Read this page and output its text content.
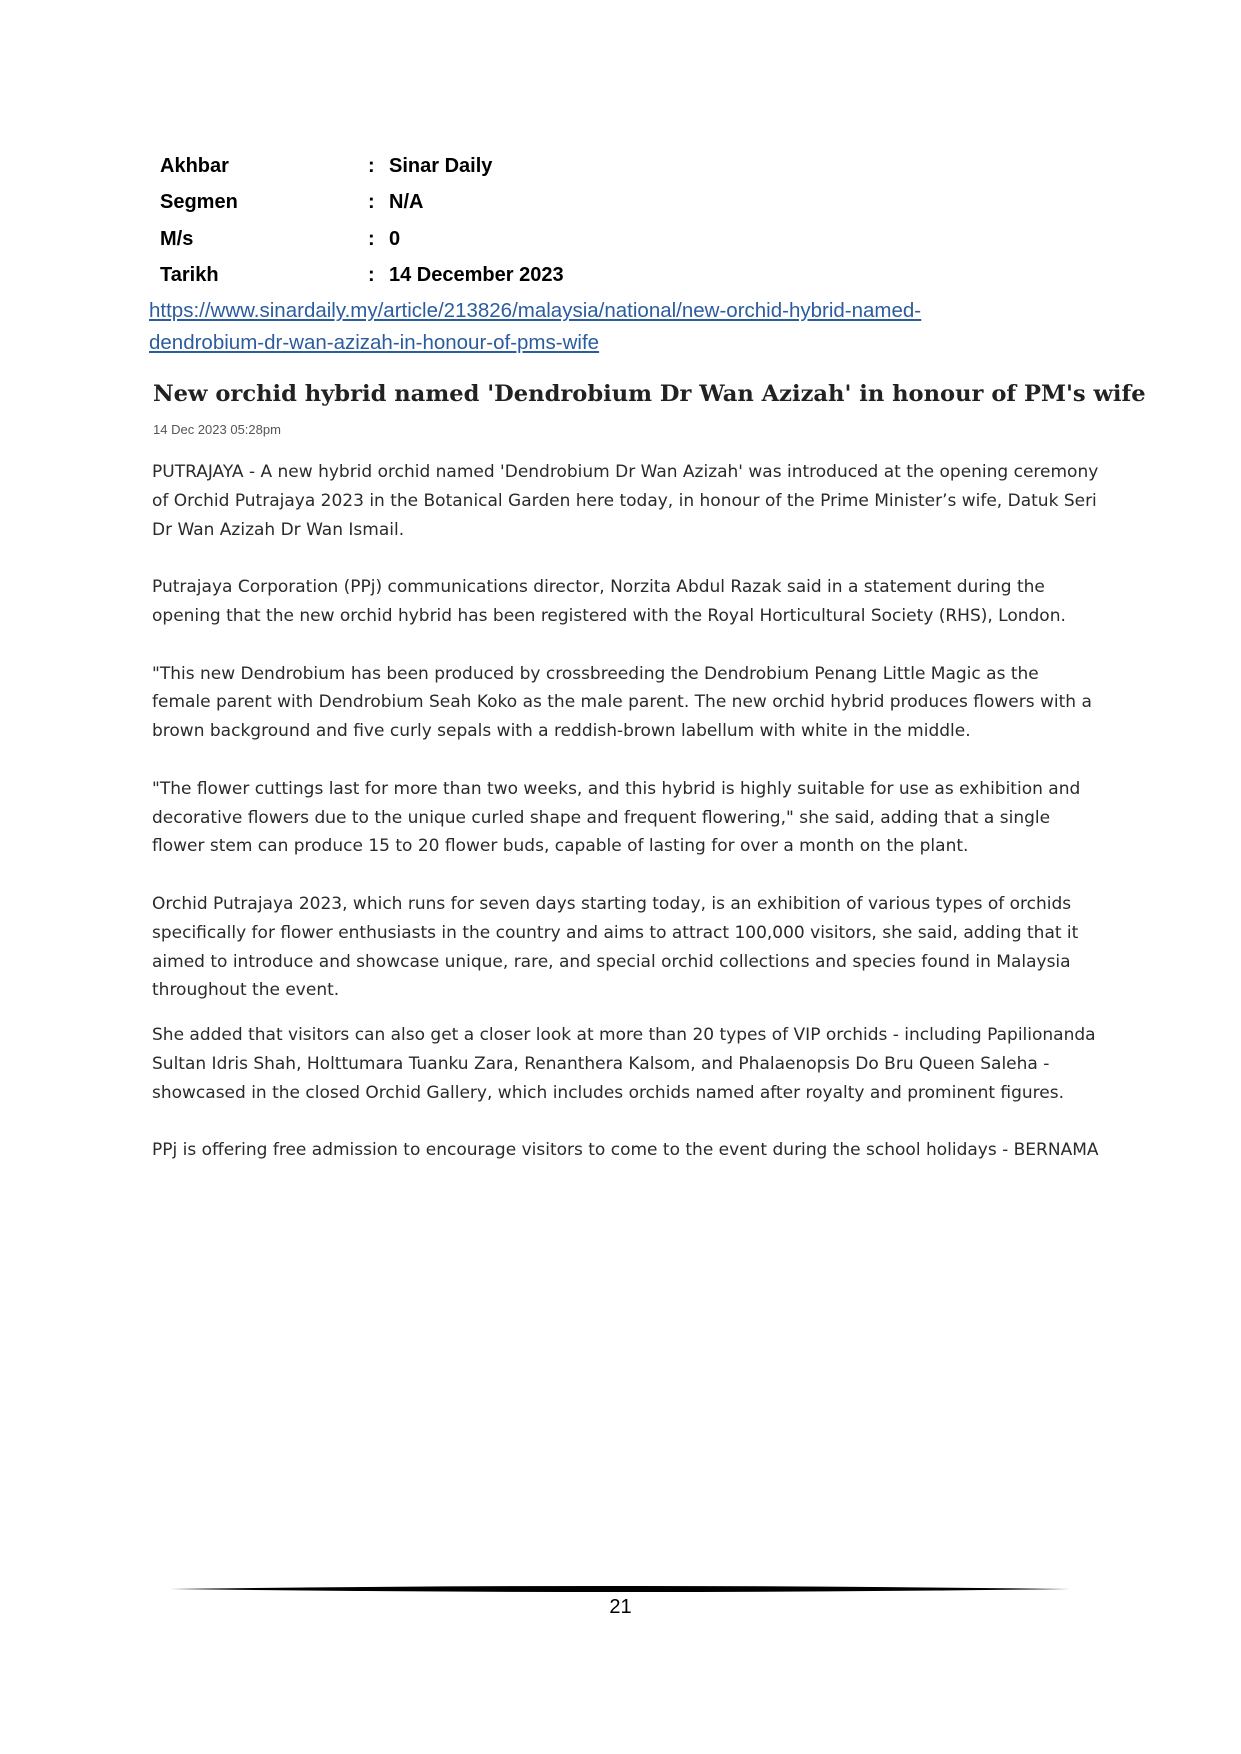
Akhbar	: Sinar Daily
Segmen	: N/A
M/s	: 0
Tarikh	: 14 December 2023
https://www.sinardaily.my/article/213826/malaysia/national/new-orchid-hybrid-named-
dendrobium-dr-wan-azizah-in-honour-of-pms-wife
New orchid hybrid named 'Dendrobium Dr Wan Azizah' in honour of PM's wife
14 Dec 2023 05:28pm

PUTRAJAYA - A new hybrid orchid named 'Dendrobium Dr Wan Azizah' was introduced at the opening ceremony of Orchid Putrajaya 2023 in the Botanical Garden here today, in honour of the Prime Minister’s wife, Datuk Seri Dr Wan Azizah Dr Wan Ismail.

Putrajaya Corporation (PPj) communications director, Norzita Abdul Razak said in a statement during the opening that the new orchid hybrid has been registered with the Royal Horticultural Society (RHS), London.

"This new Dendrobium has been produced by crossbreeding the Dendrobium Penang Little Magic as the female parent with Dendrobium Seah Koko as the male parent. The new orchid hybrid produces flowers with a brown background and five curly sepals with a reddish-brown labellum with white in the middle.

"The flower cuttings last for more than two weeks, and this hybrid is highly suitable for use as exhibition and decorative flowers due to the unique curled shape and frequent flowering," she said, adding that a single flower stem can produce 15 to 20 flower buds, capable of lasting for over a month on the plant.

Orchid Putrajaya 2023, which runs for seven days starting today, is an exhibition of various types of orchids specifically for flower enthusiasts in the country and aims to attract 100,000 visitors, she said, adding that it aimed to introduce and showcase unique, rare, and special orchid collections and species found in Malaysia throughout the event.

She added that visitors can also get a closer look at more than 20 types of VIP orchids - including Papilionanda Sultan Idris Shah, Holttumara Tuanku Zara, Renanthera Kalsom, and Phalaenopsis Do Bru Queen Saleha - showcased in the closed Orchid Gallery, which includes orchids named after royalty and prominent figures.

PPj is offering free admission to encourage visitors to come to the event during the school holidays - BERNAMA

21
